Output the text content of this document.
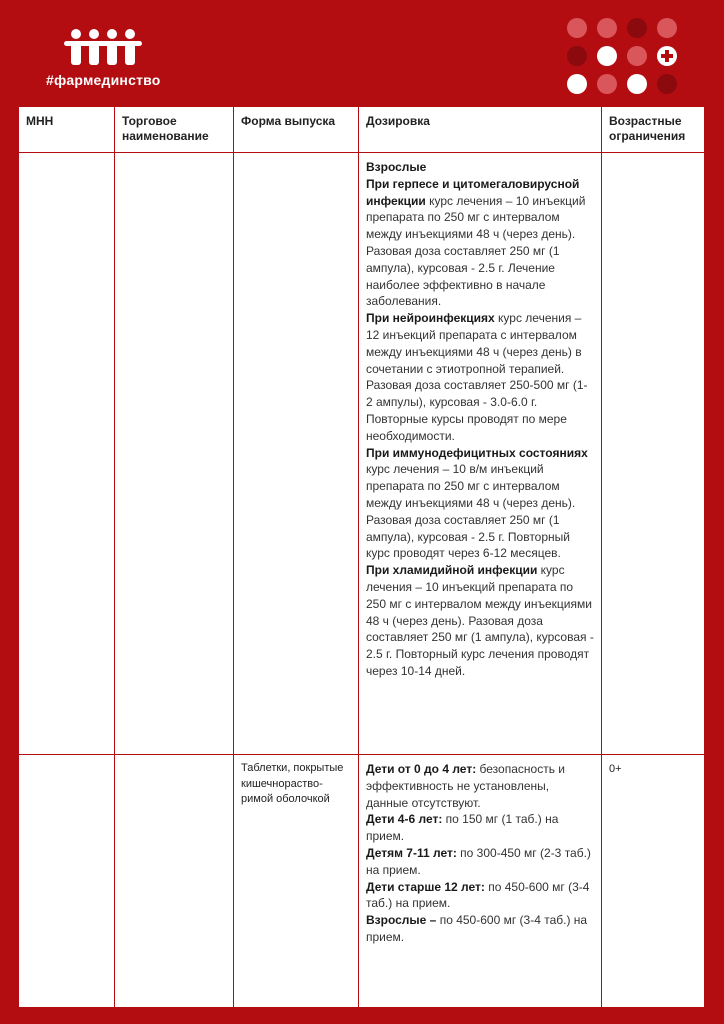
#фармединство
МНН	Торговое наименование	Форма выпуска	Дозировка	Возрастные ограничения

			Взрослые
При герпесе и цитомегаловирусной инфекции курс лечения – 10 инъекций препарата по 250 мг с интервалом между инъекциями 48 ч (через день). Разовая доза составляет 250 мг (1 ампула), курсовая - 2.5 г. Лечение наиболее эффективно в начале заболевания.
При нейроинфекциях курс лечения – 12 инъекций препарата с интервалом между инъекциями 48 ч (через день) в сочетании с этиотропной терапией. Разовая доза составляет 250-500 мг (1-2 ампулы), курсовая - 3.0-6.0 г. Повторные курсы проводят по мере необходимости.
При иммунодефицитных состояниях курс лечения – 10 в/м инъекций препарата по 250 мг с интервалом между инъекциями 48 ч (через день). Разовая доза составляет 250 мг (1 ампула), курсовая - 2.5 г. Повторный курс проводят через 6-12 месяцев.
При хламидийной инфекции курс лечения – 10 инъекций препарата по 250 мг с интервалом между инъекциями 48 ч (через день). Разовая доза составляет 250 мг (1 ампула), курсовая - 2.5 г. Повторный курс лечения проводят через 10-14 дней.	

		Таблетки, покрытые кишечнораство-римой оболочкой	Дети от 0 до 4 лет: безопасность и эффективность не установлены, данные отсутствуют.
Дети 4-6 лет: по 150 мг (1 таб.) на прием.
Детям 7-11 лет: по 300-450 мг (2-3 таб.) на прием.
Дети старше 12 лет: по 450-600 мг (3-4 таб.) на прием.
Взрослые – по 450-600 мг (3-4 таб.) на прием.	0+
